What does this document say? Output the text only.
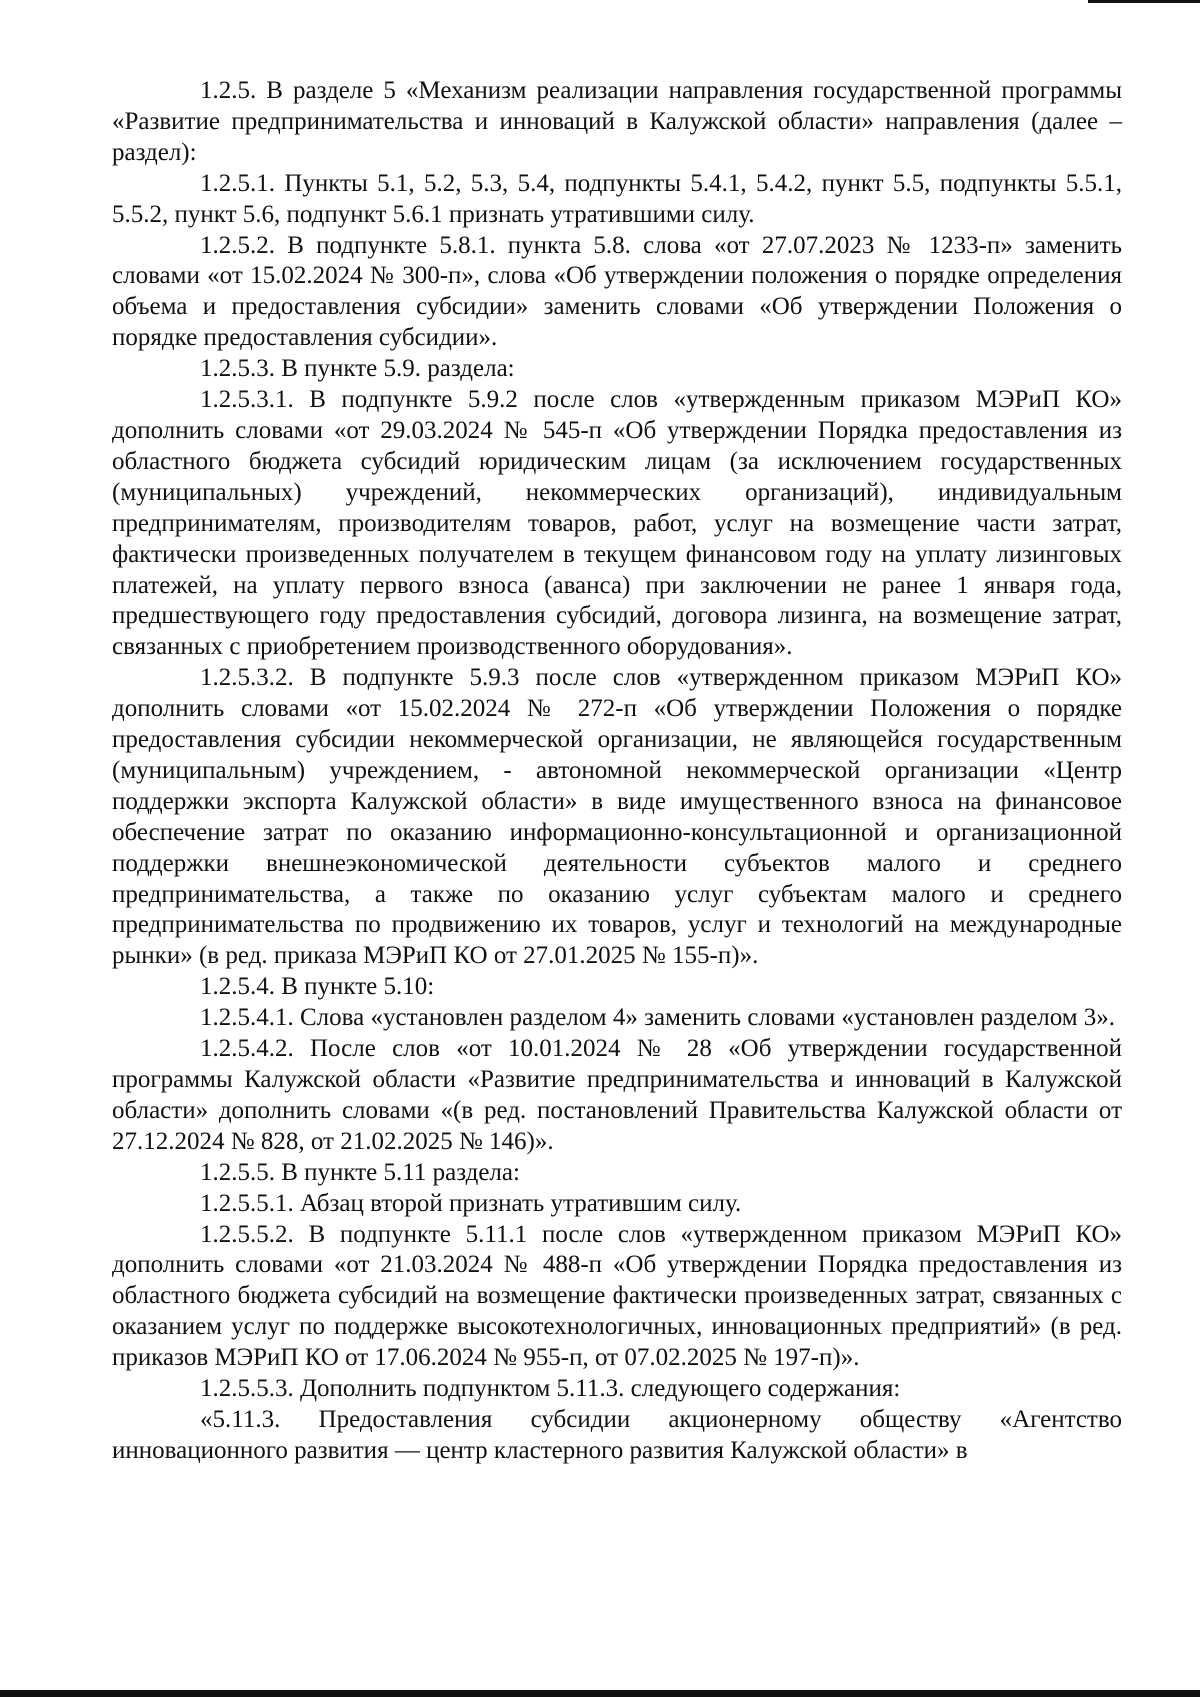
1.2.5. В разделе 5 «Механизм реализации направления государственной программы «Развитие предпринимательства и инноваций в Калужской области» направления (далее – раздел):

1.2.5.1. Пункты 5.1, 5.2, 5.3, 5.4, подпункты 5.4.1, 5.4.2, пункт 5.5, подпункты 5.5.1, 5.5.2, пункт 5.6, подпункт 5.6.1 признать утратившими силу.

1.2.5.2. В подпункте 5.8.1. пункта 5.8. слова «от 27.07.2023 № 1233-п» заменить словами «от 15.02.2024 № 300-п», слова «Об утверждении положения о порядке определения объема и предоставления субсидии» заменить словами «Об утверждении Положения о порядке предоставления субсидии».

1.2.5.3. В пункте 5.9. раздела:

1.2.5.3.1. В подпункте 5.9.2 после слов «утвержденным приказом МЭРиП КО» дополнить словами «от 29.03.2024 № 545-п «Об утверждении Порядка предоставления из областного бюджета субсидий юридическим лицам (за исключением государственных (муниципальных) учреждений, некоммерческих организаций), индивидуальным предпринимателям, производителям товаров, работ, услуг на возмещение части затрат, фактически произведенных получателем в текущем финансовом году на уплату лизинговых платежей, на уплату первого взноса (аванса) при заключении не ранее 1 января года, предшествующего году предоставления субсидий, договора лизинга, на возмещение затрат, связанных с приобретением производственного оборудования».

1.2.5.3.2. В подпункте 5.9.3 после слов «утвержденном приказом МЭРиП КО» дополнить словами «от 15.02.2024 № 272-п «Об утверждении Положения о порядке предоставления субсидии некоммерческой организации, не являющейся государственным (муниципальным) учреждением, - автономной некоммерческой организации «Центр поддержки экспорта Калужской области» в виде имущественного взноса на финансовое обеспечение затрат по оказанию информационно-консультационной и организационной поддержки внешнеэкономической деятельности субъектов малого и среднего предпринимательства, а также по оказанию услуг субъектам малого и среднего предпринимательства по продвижению их товаров, услуг и технологий на международные рынки» (в ред. приказа МЭРиП КО от 27.01.2025 № 155-п)».

1.2.5.4. В пункте 5.10:

1.2.5.4.1. Слова «установлен разделом 4» заменить словами «установлен разделом 3».

1.2.5.4.2. После слов «от 10.01.2024 № 28 «Об утверждении государственной программы Калужской области «Развитие предпринимательства и инноваций в Калужской области» дополнить словами «(в ред. постановлений Правительства Калужской области от 27.12.2024 № 828, от 21.02.2025 № 146)».

1.2.5.5. В пункте 5.11 раздела:

1.2.5.5.1. Абзац второй признать утратившим силу.

1.2.5.5.2. В подпункте 5.11.1 после слов «утвержденном приказом МЭРиП КО» дополнить словами «от 21.03.2024 № 488-п «Об утверждении Порядка предоставления из областного бюджета субсидий на возмещение фактически произведенных затрат, связанных с оказанием услуг по поддержке высокотехнологичных, инновационных предприятий» (в ред. приказов МЭРиП КО от 17.06.2024 № 955-п, от 07.02.2025 № 197-п)».

1.2.5.5.3. Дополнить подпунктом 5.11.3. следующего содержания:

«5.11.3. Предоставления субсидии акционерному обществу «Агентство инновационного развития — центр кластерного развития Калужской области» в
